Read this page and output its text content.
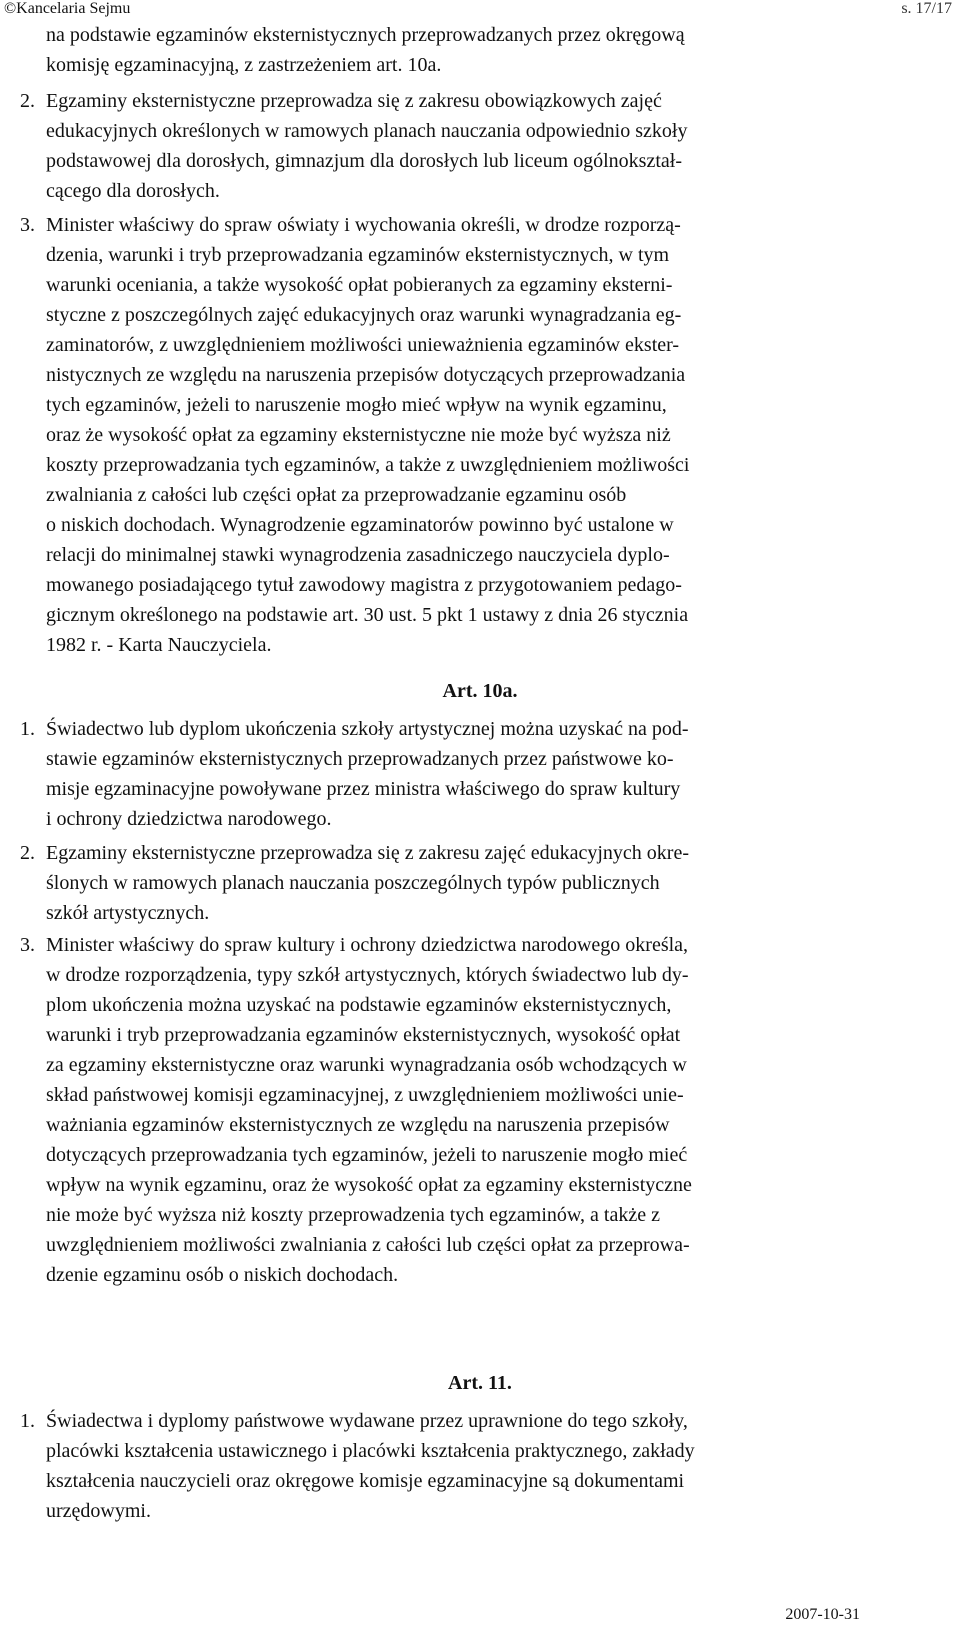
©Kancelaria Sejmu	s. 17/17
na podstawie egzaminów eksternistycznych przeprowadzanych przez okręgową
komisję egzaminacyjną, z zastrzeżeniem art. 10a.
2. Egzaminy eksternistyczne przeprowadza się z zakresu obowiązkowych zajęć
edukacyjnych określonych w ramowych planach nauczania odpowiednio szkoły
podstawowej dla dorosłych, gimnazjum dla dorosłych lub liceum ogólnokształ-
cącego dla dorosłych.
3. Minister właściwy do spraw oświaty i wychowania określi, w drodze rozporzą-
dzenia, warunki i tryb przeprowadzania egzaminów eksternistycznych, w tym
warunki oceniania, a także wysokość opłat pobieranych za egzaminy eksterni-
styczne z poszczególnych zajęć edukacyjnych oraz warunki wynagradzania eg-
zaminatorów, z uwzględnieniem możliwości unieważnienia egzaminów ekster-
nistycznych ze względu na naruszenia przepisów dotyczących przeprowadzania
tych egzaminów, jeżeli to naruszenie mogło mieć wpływ na wynik egzaminu,
oraz że wysokość opłat za egzaminy eksternistyczne nie może być wyższa niż
koszty przeprowadzania tych egzaminów, a także z uwzględnieniem możliwości
zwalniania z całości lub części opłat za przeprowadzanie egzaminu osób
o niskich dochodach. Wynagrodzenie egzaminatorów powinno być ustalone w
relacji do minimalnej stawki wynagrodzenia zasadniczego nauczyciela dyplo-
mowanego posiadającego tytuł zawodowy magistra z przygotowaniem pedago-
gicznym określonego na podstawie art. 30 ust. 5 pkt 1 ustawy z dnia 26 stycznia
1982 r. - Karta Nauczyciela.
Art. 10a.
1. Świadectwo lub dyplom ukończenia szkoły artystycznej można uzyskać na pod-
stawie egzaminów eksternistycznych przeprowadzanych przez państwowe ko-
misje egzaminacyjne powoływane przez ministra właściwego do spraw kultury
i ochrony dziedzictwa narodowego.
2. Egzaminy eksternistyczne przeprowadza się z zakresu zajęć edukacyjnych okre-
ślonych w ramowych planach nauczania poszczególnych typów publicznych
szkół artystycznych.
3. Minister właściwy do spraw kultury i ochrony dziedzictwa narodowego określa,
w drodze rozporządzenia, typy szkół artystycznych, których świadectwo lub dy-
plom ukończenia można uzyskać na podstawie egzaminów eksternistycznych,
warunki i tryb przeprowadzania egzaminów eksternistycznych, wysokość opłat
za egzaminy eksternistyczne oraz warunki wynagradzania osób wchodzących w
skład państwowej komisji egzaminacyjnej, z uwzględnieniem możliwości unie-
ważniania egzaminów eksternistycznych ze względu na naruszenia przepisów
dotyczących przeprowadzania tych egzaminów, jeżeli to naruszenie mogło mieć
wpływ na wynik egzaminu, oraz że wysokość opłat za egzaminy eksternistyczne
nie może być wyższa niż koszty przeprowadzenia tych egzaminów, a także z
uwzględnieniem możliwości zwalniania z całości lub części opłat za przeprowa-
dzenie egzaminu osób o niskich dochodach.
Art. 11.
1. Świadectwa i dyplomy państwowe wydawane przez uprawnione do tego szkoły,
placówki kształcenia ustawicznego i placówki kształcenia praktycznego, zakłady
kształcenia nauczycieli oraz okręgowe komisje egzaminacyjne są dokumentami
urzędowymi.
2007-10-31
